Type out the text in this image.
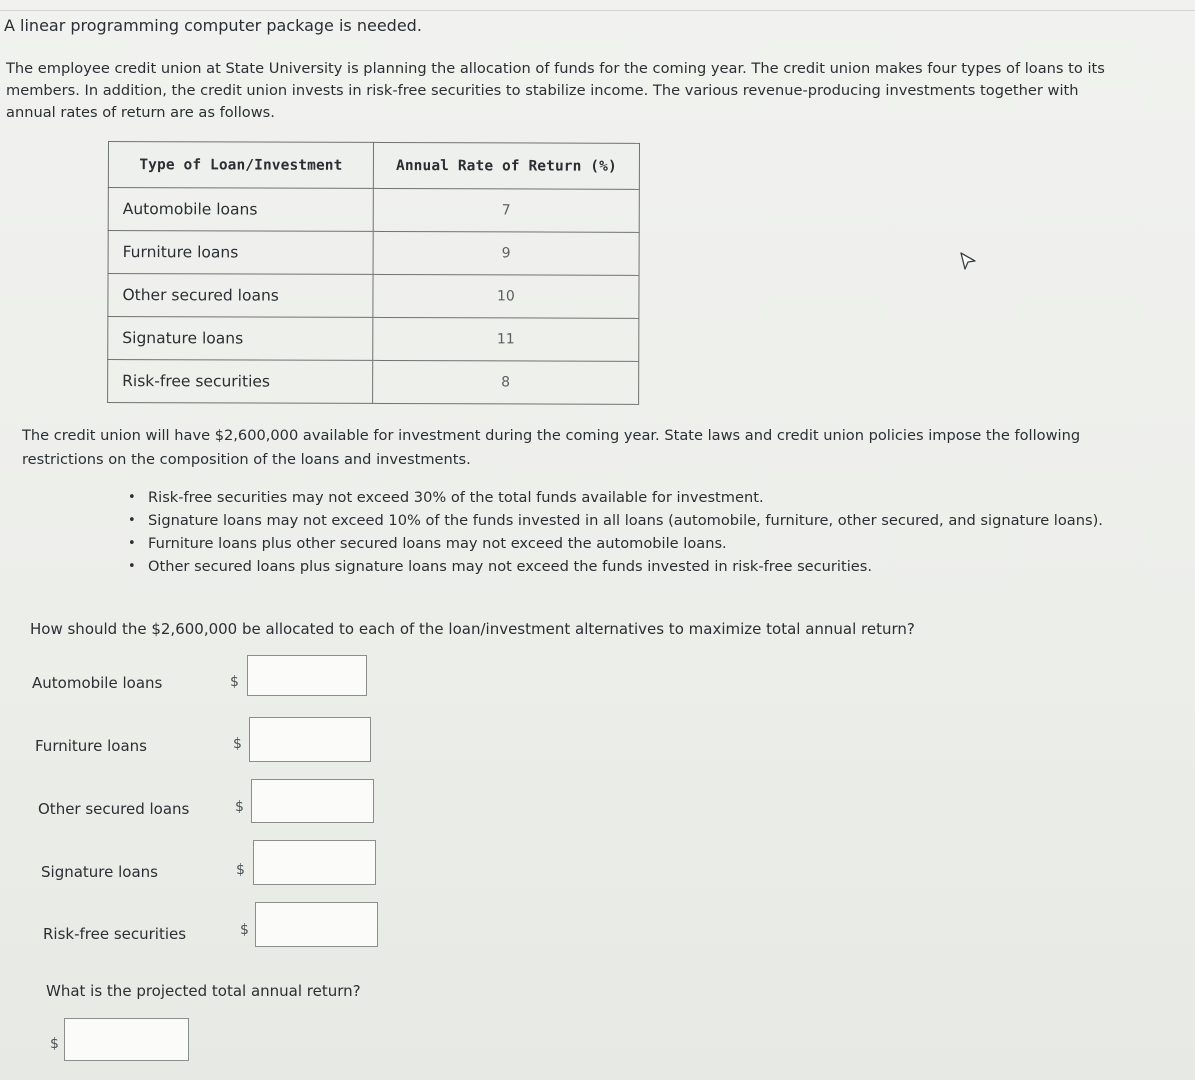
A linear programming computer package is needed.

The employee credit union at State University is planning the allocation of funds for the coming year. The credit union makes four types of loans to its members. In addition, the credit union invests in risk-free securities to stabilize income. The various revenue-producing investments together with annual rates of return are as follows.

Type of Loan/Investment	Annual Rate of Return (%)
Automobile loans	7
Furniture loans	9
Other secured loans	10
Signature loans	11
Risk-free securities	8

The credit union will have $2,600,000 available for investment during the coming year. State laws and credit union policies impose the following restrictions on the composition of the loans and investments.

• Risk-free securities may not exceed 30% of the total funds available for investment.
• Signature loans may not exceed 10% of the funds invested in all loans (automobile, furniture, other secured, and signature loans).
• Furniture loans plus other secured loans may not exceed the automobile loans.
• Other secured loans plus signature loans may not exceed the funds invested in risk-free securities.

How should the $2,600,000 be allocated to each of the loan/investment alternatives to maximize total annual return?

Automobile loans	$
Furniture loans	$
Other secured loans	$
Signature loans	$
Risk-free securities	$

What is the projected total annual return?

$
